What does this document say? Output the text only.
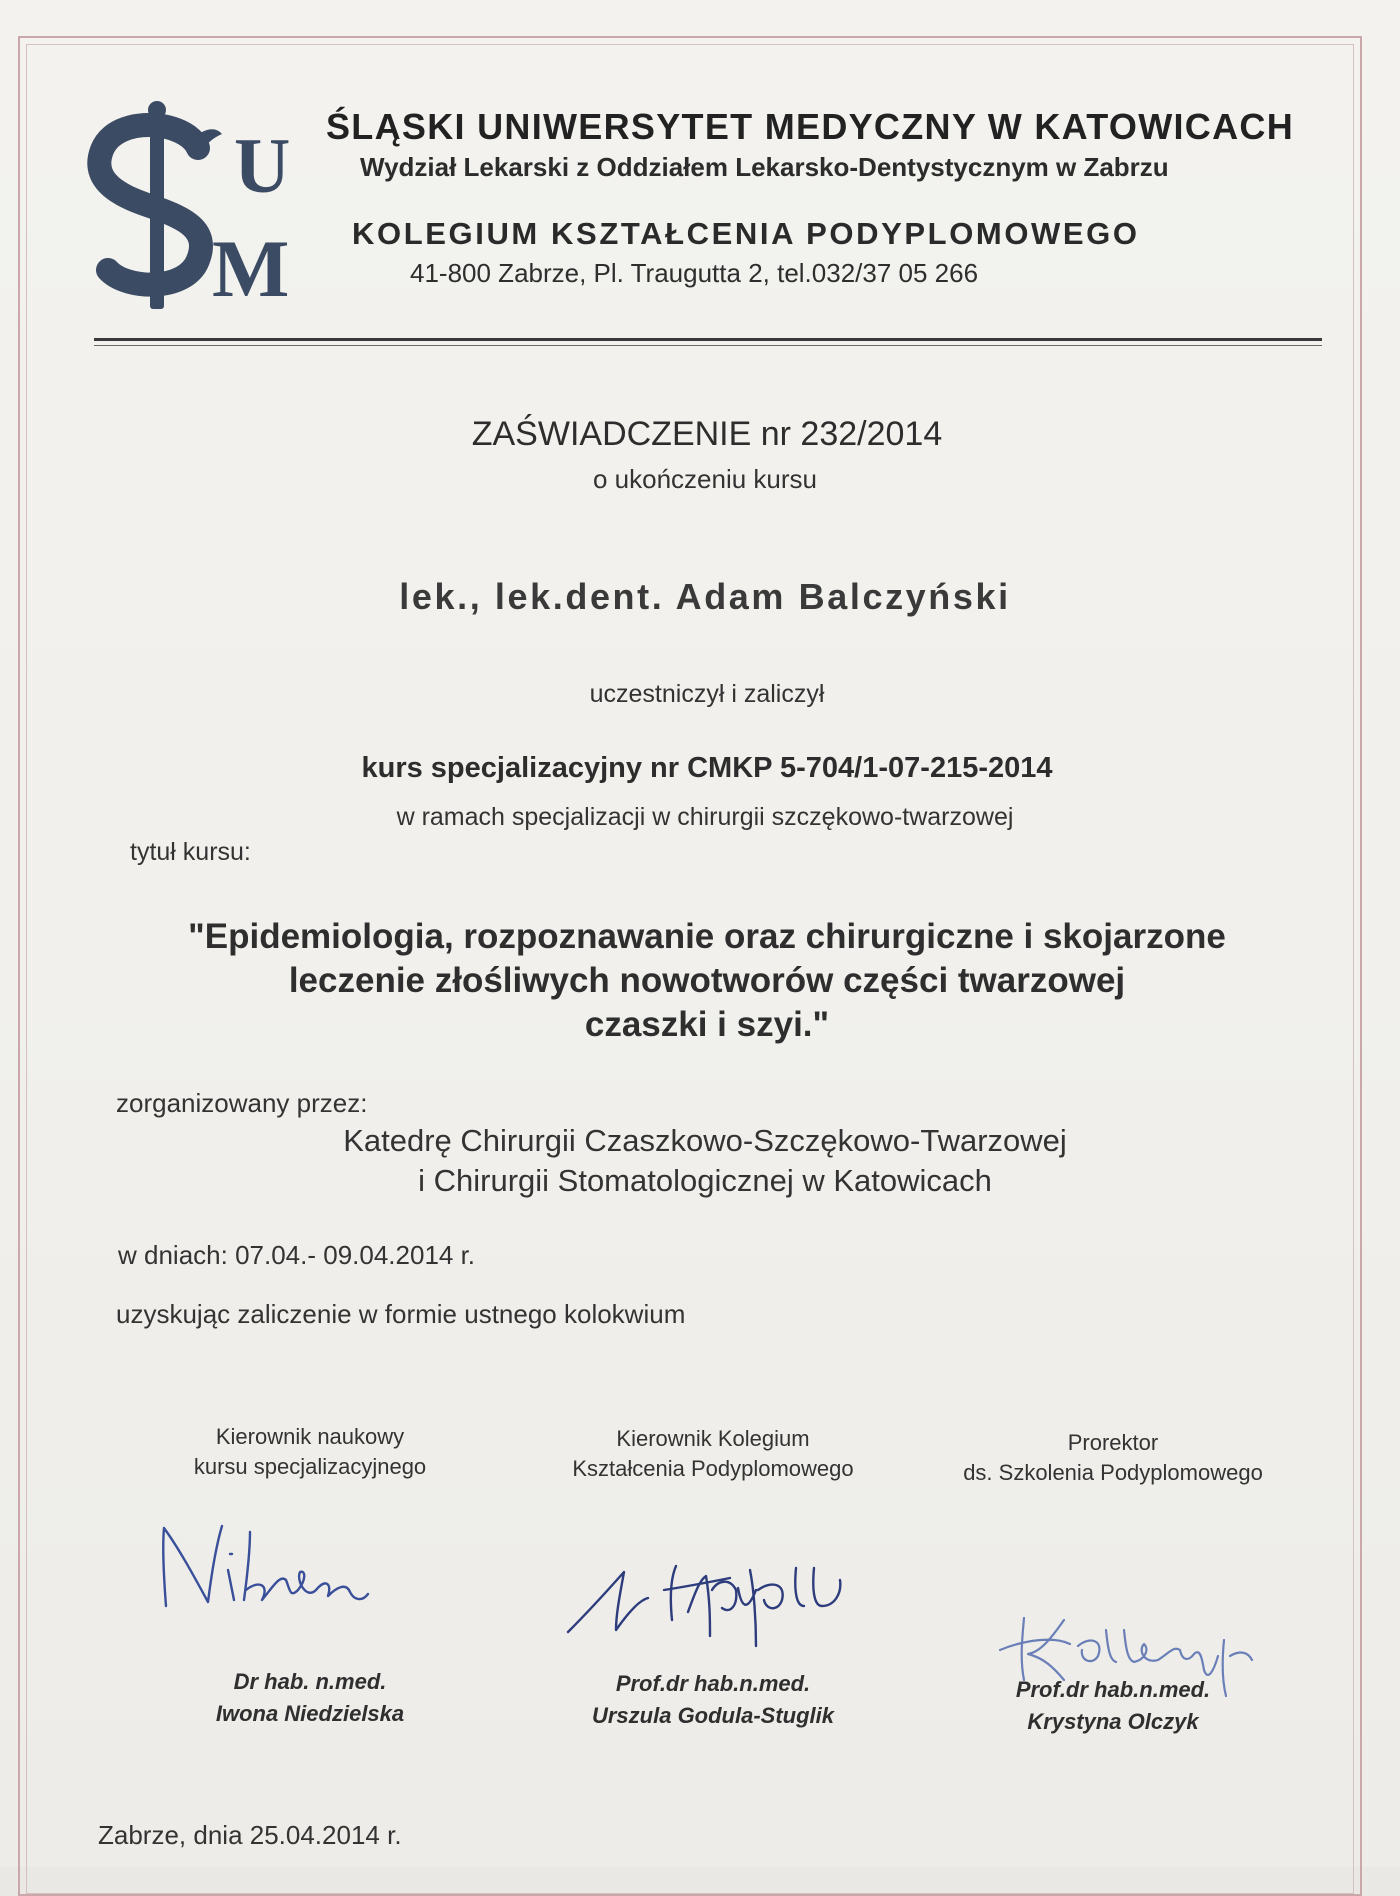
U
M
ŚLĄSKI UNIWERSYTET MEDYCZNY W KATOWICACH
Wydział Lekarski z Oddziałem Lekarsko-Dentystycznym w Zabrzu
KOLEGIUM KSZTAŁCENIA PODYPLOMOWEGO
41-800 Zabrze, Pl. Traugutta 2, tel.032/37 05 266
ZAŚWIADCZENIE nr 232/2014
o ukończeniu kursu
lek., lek.dent. Adam Balczyński
uczestniczył i zaliczył
kurs specjalizacyjny nr CMKP 5-704/1-07-215-2014
w ramach specjalizacji w chirurgii szczękowo-twarzowej
tytuł kursu:
"Epidemiologia, rozpoznawanie oraz chirurgiczne i skojarzone
leczenie złośliwych nowotworów części twarzowej
czaszki i szyi."
zorganizowany przez:
Katedrę Chirurgii Czaszkowo-Szczękowo-Twarzowej
i Chirurgii Stomatologicznej w Katowicach
w dniach: 07.04.- 09.04.2014 r.
uzyskując zaliczenie w formie ustnego kolokwium
Kierownik naukowy
kursu specjalizacyjnego
Dr hab. n.med.
Iwona Niedzielska
Kierownik Kolegium
Kształcenia Podyplomowego
Prof.dr hab.n.med.
Urszula Godula-Stuglik
Prorektor
ds. Szkolenia Podyplomowego
Prof.dr hab.n.med.
Krystyna Olczyk
Zabrze, dnia 25.04.2014 r.
